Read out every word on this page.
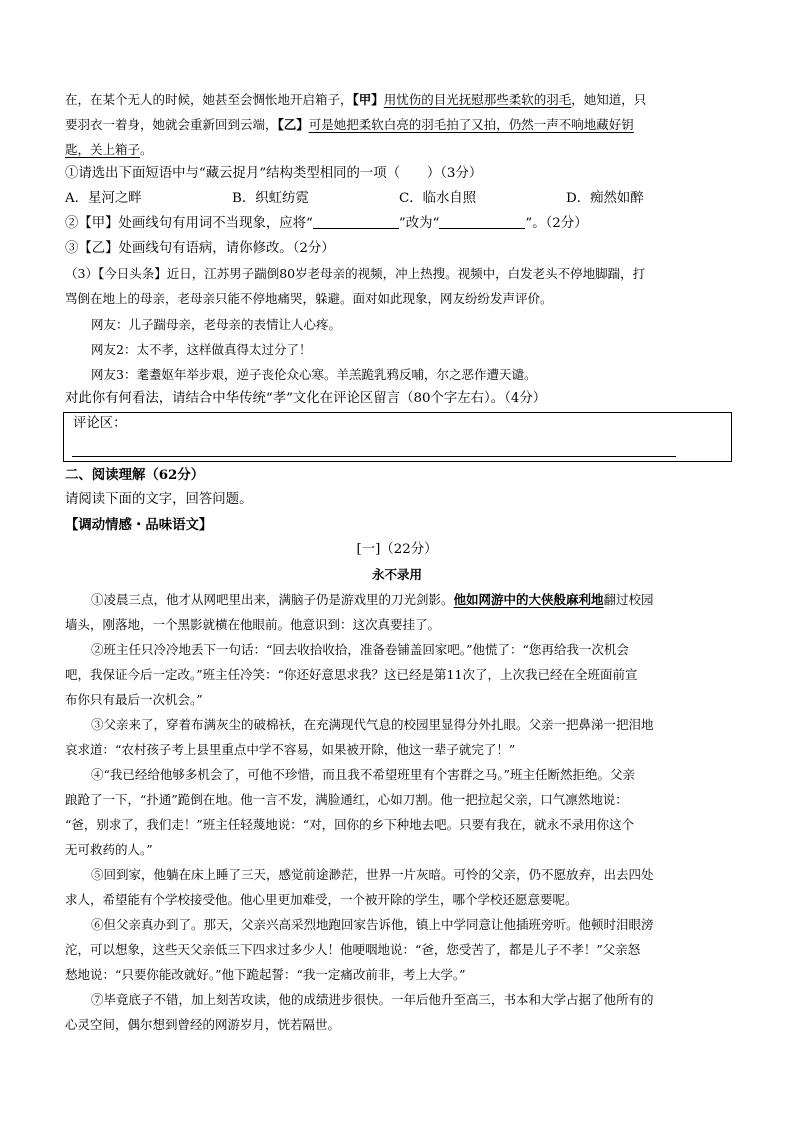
在，在某个无人的时候，她甚至会惆怅地开启箱子，【甲】用忧伤的目光抚慰那些柔软的羽毛，她知道，只
要羽衣一着身，她就会重新回到云端，【乙】可是她把柔软白亮的羽毛拍了又拍，仍然一声不响地藏好钥
匙，关上箱子。
①请选出下面短语中与“藏云捉月”结构类型相同的一项（　　）（3分）
A．星河之畔	B．织虹纺霓	C．临水自照	D．痴然如醉
②【甲】处画线句有用词不当现象，应将“	”改为“	”。（2分）
③【乙】处画线句有语病，请你修改。（2分）
（3）【今日头条】近日，江苏男子踹倒80岁老母亲的视频，冲上热搜。视频中，白发老头不停地脚踹，打
骂倒在地上的母亲，老母亲只能不停地痛哭，躲避。面对如此现象，网友纷纷发声评价。
网友：儿子踹母亲，老母亲的表情让人心疼。
网友2：太不孝，这样做真得太过分了！
网友3：耄耋妪年举步艰，逆子丧伦众心寒。羊羔跪乳鸦反哺，尔之恶作遭天谴。
对此你有何看法，请结合中华传统“孝”文化在评论区留言（80个字左右）。（4分）
评论区：
二、阅读理解（62分）
请阅读下面的文字，回答问题。
【调动情感・品味语文】
[一]（22分）
永不录用
①凌晨三点，他才从网吧里出来，满脑子仍是游戏里的刀光剑影。他如网游中的大侠般麻利地翻过校园
墙头，刚落地，一个黑影就横在他眼前。他意识到：这次真要挂了。
②班主任只冷冷地丢下一句话：“回去收拾收拾，准备卷铺盖回家吧。”他慌了：“您再给我一次机会
吧，我保证今后一定改。”班主任冷笑：“你还好意思求我？这已经是第11次了，上次我已经在全班面前宣
布你只有最后一次机会。”
③父亲来了，穿着布满灰尘的破棉袄，在充满现代气息的校园里显得分外扎眼。父亲一把鼻涕一把泪地
哀求道：“农村孩子考上县里重点中学不容易，如果被开除，他这一辈子就完了！”
④“我已经给他够多机会了，可他不珍惜，而且我不希望班里有个害群之马。”班主任断然拒绝。父亲
踉跄了一下，“扑通”跪倒在地。他一言不发，满脸通红，心如刀割。他一把拉起父亲，口气凛然地说：
“爸，别求了，我们走！”班主任轻蔑地说：“对，回你的乡下种地去吧。只要有我在，就永不录用你这个
无可救药的人。”
⑤回到家，他躺在床上睡了三天，感觉前途渺茫，世界一片灰暗。可怜的父亲，仍不愿放弃，出去四处
求人，希望能有个学校接受他。他心里更加难受，一个被开除的学生，哪个学校还愿意要呢。
⑥但父亲真办到了。那天，父亲兴高采烈地跑回家告诉他，镇上中学同意让他插班旁听。他顿时泪眼滂
沱，可以想象，这些天父亲低三下四求过多少人！他哽咽地说：“爸，您受苦了，都是儿子不孝！”父亲怒
愁地说：“只要你能改就好。”他下跪起誓：“我一定痛改前非，考上大学。”
⑦毕竟底子不错，加上刻苦攻读，他的成绩进步很快。一年后他升至高三，书本和大学占据了他所有的
心灵空间，偶尔想到曾经的网游岁月，恍若隔世。
